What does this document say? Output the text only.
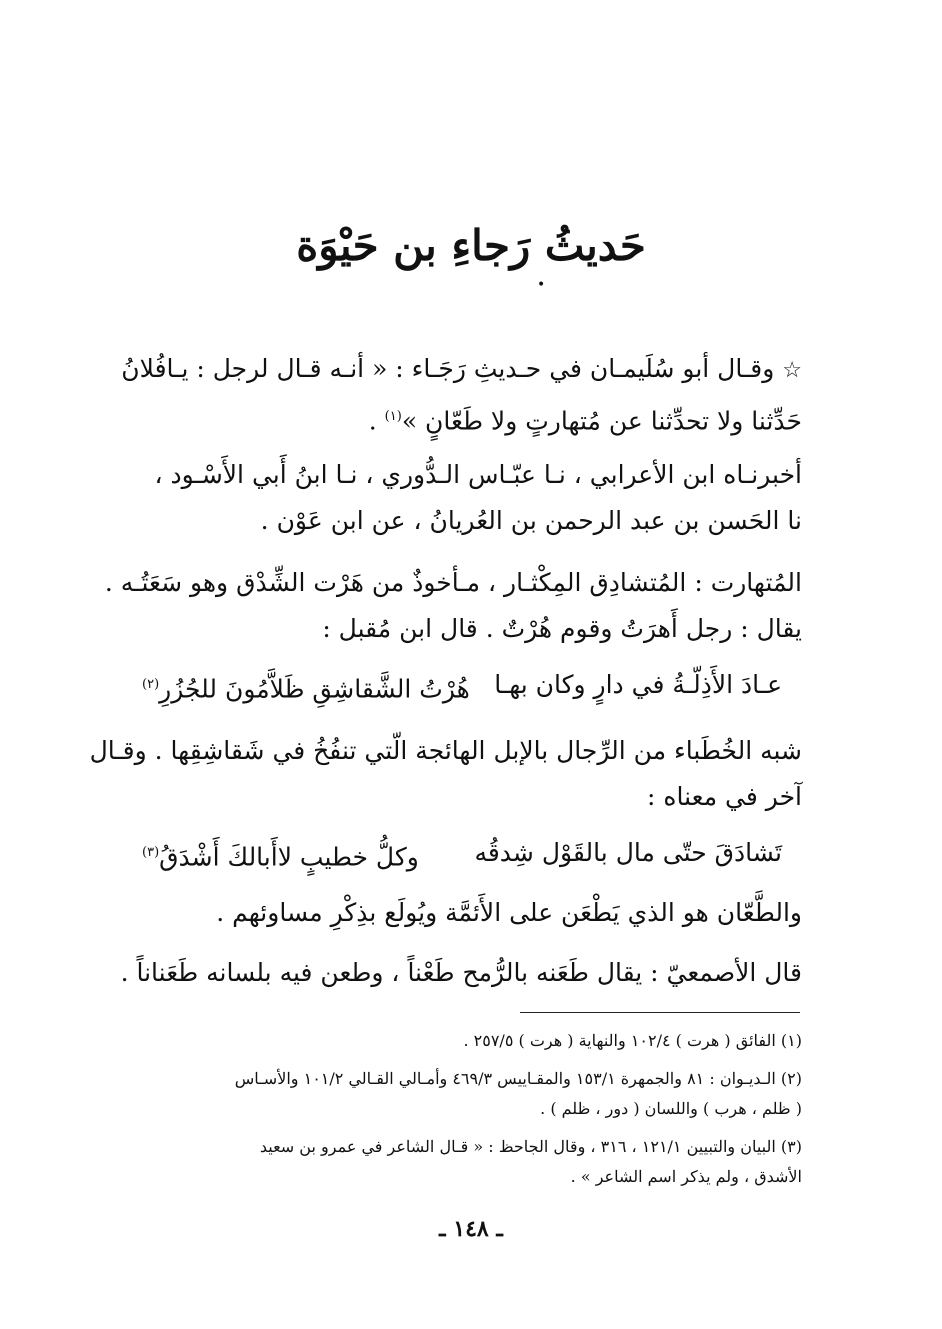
حَديثُ رَجاءِ بن حَيْوَة
•
☆ وقـال أبو سُلَيمـان في حـديثِ رَجَـاء : « أنـه قـال لرجل : يـافُلانُ
حَدِّثنا ولا تحدِّثنا عن مُتهارتٍ ولا طَعّانٍ »$^{(١)}$ .
أخبرنـاه ابن الأعرابي ، نـا عبّـاس الـدُّوري ، نـا ابنُ أَبي الأَسْـود ،
نا الحَسن بن عبد الرحمن بن العُريانُ ، عن ابن عَوْن .
المُتهارت : المُتشادِق المِكْثـار ، مـأخوذٌ من هَرْت الشِّدْق وهو سَعَتُـه .
يقال : رجل أَهرَتُ وقوم هُرْتٌ . قال ابن مُقبل :
عـادَ الأَذِلّـةُ في دارٍ وكان بهـا
هُرْتُ الشَّقاشِقِ ظَلاَّمُونَ للجُزُرِ$^{(٢)}$
شبه الخُطَباء من الرِّجال بالإبل الهائجة الّتي تنفُخُ في شَقاشِقِها . وقـال
آخر في معناه :
تَشادَقَ حتّى مال بالقَوْل شِدقُه
وكلُّ خطيبٍ لاأَبالكَ أَشْدَقُ$^{(٣)}$
والطَّعّان هو الذي يَطْعَن على الأَئمَّة ويُولَع بذِكْرِ مساوئهم .
قال الأصمعيّ : يقال طَعَنه بالرُّمح طَعْناً ، وطعن فيه بلسانه طَعَناناً .
(١) الفائق ( هرت ) ١٠٢/٤ والنهاية ( هرت ) ٢٥٧/٥ .
(٢) الـديـوان : ٨١ والجمهرة ١٥٣/١ والمقـاييس ٤٦٩/٣ وأمـالي القـالي ١٠١/٢ والأسـاس
( ظلم ، هرب ) واللسان ( دور ، ظلم ) .
(٣) البيان والتبيين ١٢١/١ ، ٣١٦ ، وقال الجاحظ : « قـال الشاعر في عمرو بن سعيد
الأشدق ، ولم يذكر اسم الشاعر » .
ـ ١٤٨ ـ
